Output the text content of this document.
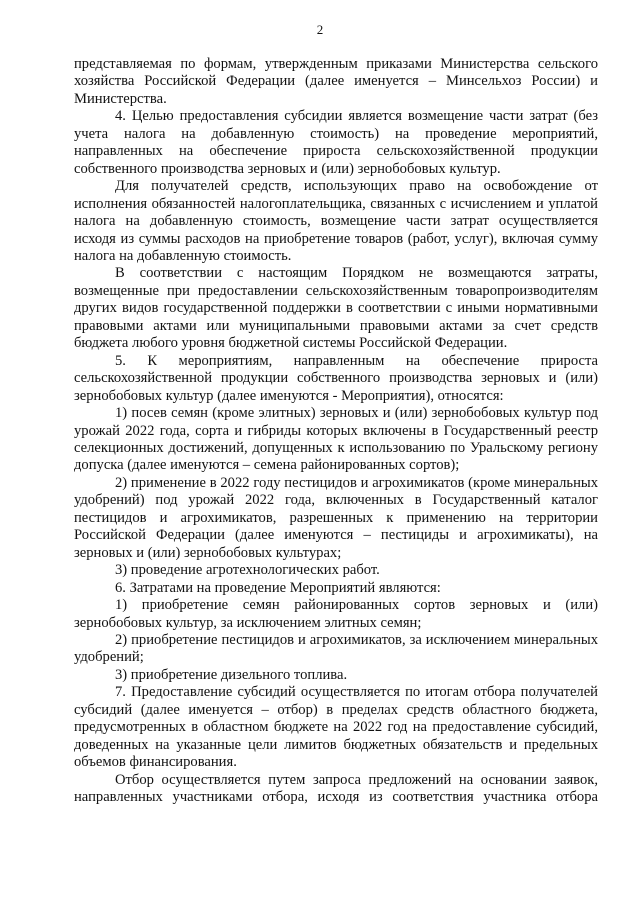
2

представляемая по формам, утвержденным приказами Министерства сельского хозяйства Российской Федерации (далее именуется – Минсельхоз России) и Министерства.

4. Целью предоставления субсидии является возмещение части затрат (без учета налога на добавленную стоимость) на проведение мероприятий, направленных на обеспечение прироста сельскохозяйственной продукции собственного производства зерновых и (или) зернобобовых культур.

Для получателей средств, использующих право на освобождение от исполнения обязанностей налогоплательщика, связанных с исчислением и уплатой налога на добавленную стоимость, возмещение части затрат осуществляется исходя из суммы расходов на приобретение товаров (работ, услуг), включая сумму налога на добавленную стоимость.

В соответствии с настоящим Порядком не возмещаются затраты, возмещенные при предоставлении сельскохозяйственным товаропроизводителям других видов государственной поддержки в соответствии с иными нормативными правовыми актами или муниципальными правовыми актами за счет средств бюджета любого уровня бюджетной системы Российской Федерации.

5. К мероприятиям, направленным на обеспечение прироста сельскохозяйственной продукции собственного производства зерновых и (или) зернобобовых культур (далее именуются - Мероприятия), относятся:

1) посев семян (кроме элитных) зерновых и (или) зернобобовых культур под урожай 2022 года, сорта и гибриды которых включены в Государственный реестр селекционных достижений, допущенных к использованию по Уральскому региону допуска (далее именуются – семена районированных сортов);

2) применение в 2022 году пестицидов и агрохимикатов (кроме минеральных удобрений) под урожай 2022 года, включенных в Государственный каталог пестицидов и агрохимикатов, разрешенных к применению на территории Российской Федерации (далее именуются – пестициды и агрохимикаты), на зерновых и (или) зернобобовых культурах;

3) проведение агротехнологических работ.

6. Затратами на проведение Мероприятий являются:

1) приобретение семян районированных сортов зерновых и (или) зернобобовых культур, за исключением элитных семян;

2) приобретение пестицидов и агрохимикатов, за исключением минеральных удобрений;

3) приобретение дизельного топлива.

7. Предоставление субсидий осуществляется по итогам отбора получателей субсидий (далее именуется – отбор) в пределах средств областного бюджета, предусмотренных в областном бюджете на 2022 год на предоставление субсидий, доведенных на указанные цели лимитов бюджетных обязательств и предельных объемов финансирования.

Отбор осуществляется путем запроса предложений на основании заявок, направленных участниками отбора, исходя из соответствия участника отбора
